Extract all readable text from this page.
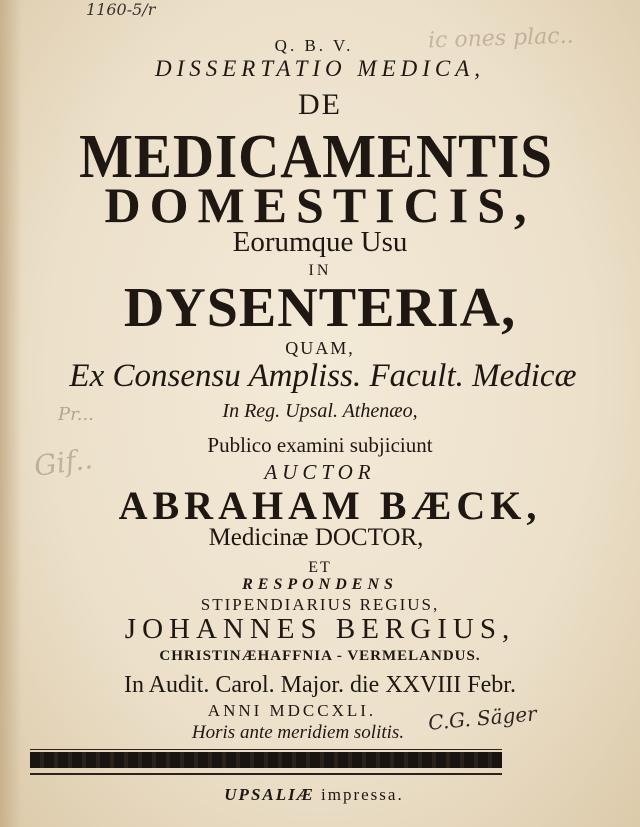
1160-5/r
ic ones plac..
Pr...
Gif..
Q. B. V.
DISSERTATIO MEDICA,
DE
MEDICAMENTIS
DOMESTICIS,
Eorumque Usu
IN
DYSENTERIA,
QUAM,
Ex Consensu Ampliss. Facult. Medicæ
In Reg. Upsal. Athenæo,
Publico examini subjiciunt
AUCTOR
ABRAHAM BÆCK,
Medicinæ DOCTOR,
ET
RESPONDENS
STIPENDIARIUS REGIUS,
JOHANNES BERGIUS,
CHRISTINÆHAFFNIA - VERMELANDUS.
In Audit. Carol. Major. die XXVIII Febr.
ANNI MDCCXLI.
Horis ante meridiem solitis.	C.G. Säger
UPSALIÆ impressa.
